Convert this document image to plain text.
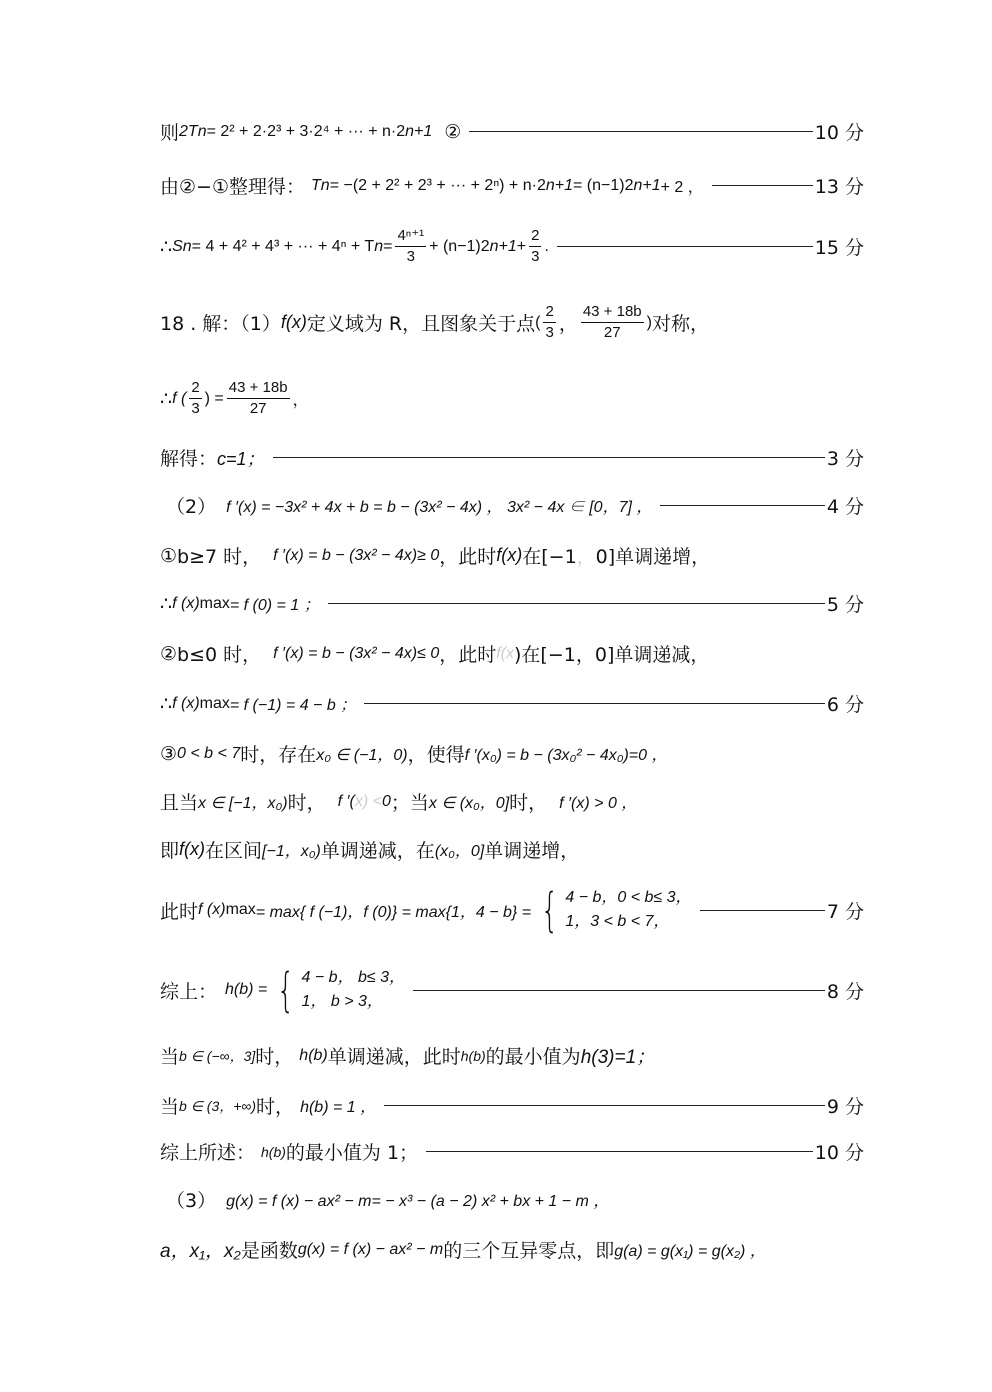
则 2T n = 2² + 2·2³ + 3·2⁴ + ··· + n·2 n+1 ②	10 分
由②−①整理得： T n = −(2 + 2² + 2³ + ··· + 2ⁿ) + n·2 n+1 = (n−1)2 n+1 + 2 ，	13 分
∴ S n = 4 + 4² + 4³ + ··· + 4ⁿ + T $n = \frac{\text{4ⁿ⁺¹}}{3} + (n-1)2$ $n+1 + \frac{2}{3}$ .	15 分
18 . 解：（1） f(x) 定义域为 R，且图象关于点 ( $\frac{2}{3}$ ， $\frac{43 + 18b}{27}$ ) 对称，
∴ f ( $\frac{2}{3}$ ) = $\frac{43 + 18b}{27}$ ，
解得： c=1；	3 分
（2） f ′(x) = −3x² + 4x + b = b − (3x² − 4x) ， 3x² − 4x ∈ [0，7] ，	4 分
① b≥7 时， f ′(x) = b − (3x² − 4x)≥ 0 ，此时 f(x) 在[−1 ， 0]单调递增，
∴ f (x) max = f (0) = 1 ；	5 分
② b≤0 时， f ′(x) = b − (3x² − 4x)≤ 0 ，此时 f(x )在[−1，0]单调递减，
∴ f (x) max = f (−1) = 4 − b ；	6 分
③ 0 < b < 7 时，存在 x₀ ∈ (−1，0) ，使得 f ′(x₀) = b − (3x₀² − 4x₀)=0 ，
且当 x ∈ [−1，x₀) 时， f ′( x) < 0 ；当 x ∈ (x₀，0] 时， f ′(x) > 0 ，
即 f(x) 在区间 [−1，x₀) 单调递减，在 (x₀，0] 单调递增，
此时 f (x) max = max{ f (−1)，f (0)} = max{1，4 − b} = { 4 − b，0 < b≤ 3，
1，3 < b < 7，	7 分
综上： h(b) = { 4 − b， b≤ 3，
1， b > 3，	8 分
当 b ∈ (−∞，3] 时， h(b) 单调递减，此时 h(b) 的最小值为 h(3)=1；
当 b ∈ (3，+∞) 时， h(b) = 1 ，	9 分
综上所述： h(b) 的最小值为 1；	10 分
（3） g(x) = f (x) − ax² − m= − x³ − (a − 2) x² + bx + 1 − m ，
a，x₁，x₂ 是函数 g(x) = f (x) − ax² − m 的三个互异零点，即 g(a) = g(x₁) = g(x₂) ，
